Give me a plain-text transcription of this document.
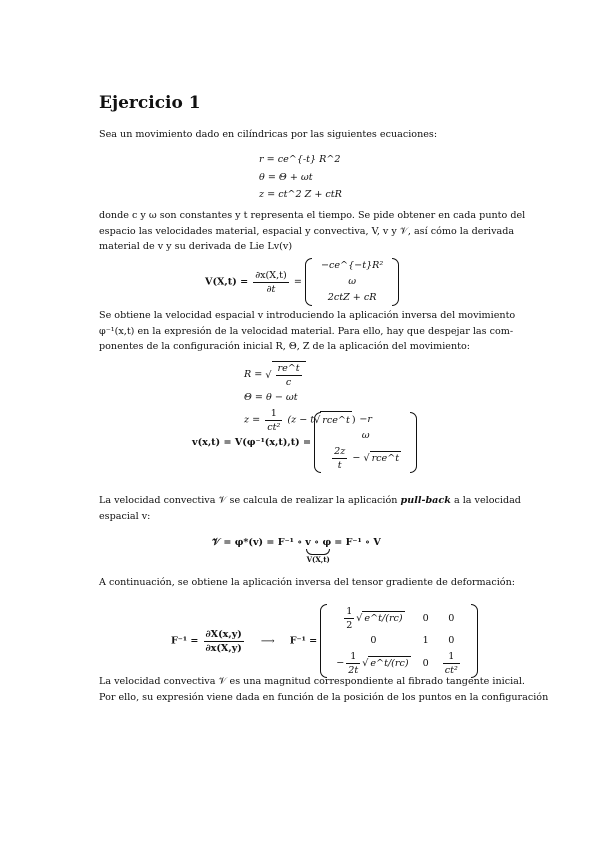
Ejercicio 1

Sea un movimiento dado en cilíndricas por las siguientes ecuaciones:

r = ce^{-t} R^2
θ = Θ + ωt
z = ct^2 Z + ctR

donde c y ω son constantes y t representa el tiempo. Se pide obtener en cada punto del
espacio las velocidades material, espacial y convectiva, V, v y 𝒱, así cómo la derivada
material de v y su derivada de Lie Lv(v)

$V(X,t) = \frac{\partial x(X,t)}{\partial t}$ =
−ce^{−t}R²
ω
2ctZ + cR

Se obtiene la velocidad espacial v introduciendo la aplicación inversa del movimiento
φ⁻¹(x,t) en la expresión de la velocidad material. Para ello, hay que despejar las com-
ponentes de la configuración inicial R, Θ, Z de la aplicación del movimiento:

R = √ $\frac{re\^{}t}{c}$
Θ = θ − ωt
$z = \frac{1}{\text{ct²}} (z - t√$ rce^t )
v(x,t) = V(φ⁻¹(x,t),t) =
−r
ω

$\frac{2z}{t}$ − √ rce^t

La velocidad convectiva 𝒱 se calcula de realizar la aplicación pull-back a la velocidad
espacial v:

𝒱 = φ*(v) = F⁻¹ ∘ v ∘ φ
V(X,t)
= F⁻¹ ∘ V

A continuación, se obtiene la aplicación inversa del tensor gradiente de deformación:

$F^{-1} = \frac{\partial X(x,y)}{\partial x(X,y)}$ ⟶ F⁻¹ =
$\frac{1}{2}$ √ e^t/(rc)	0	0
0	1	0
− $\frac{1}{2t}$ √ e^t/(rc)	0	$\frac{1}{\text{ct²}}$

La velocidad convectiva 𝒱 es una magnitud correspondiente al fibrado tangente inicial.
Por ello, su expresión viene dada en función de la posición de los puntos en la configuración
